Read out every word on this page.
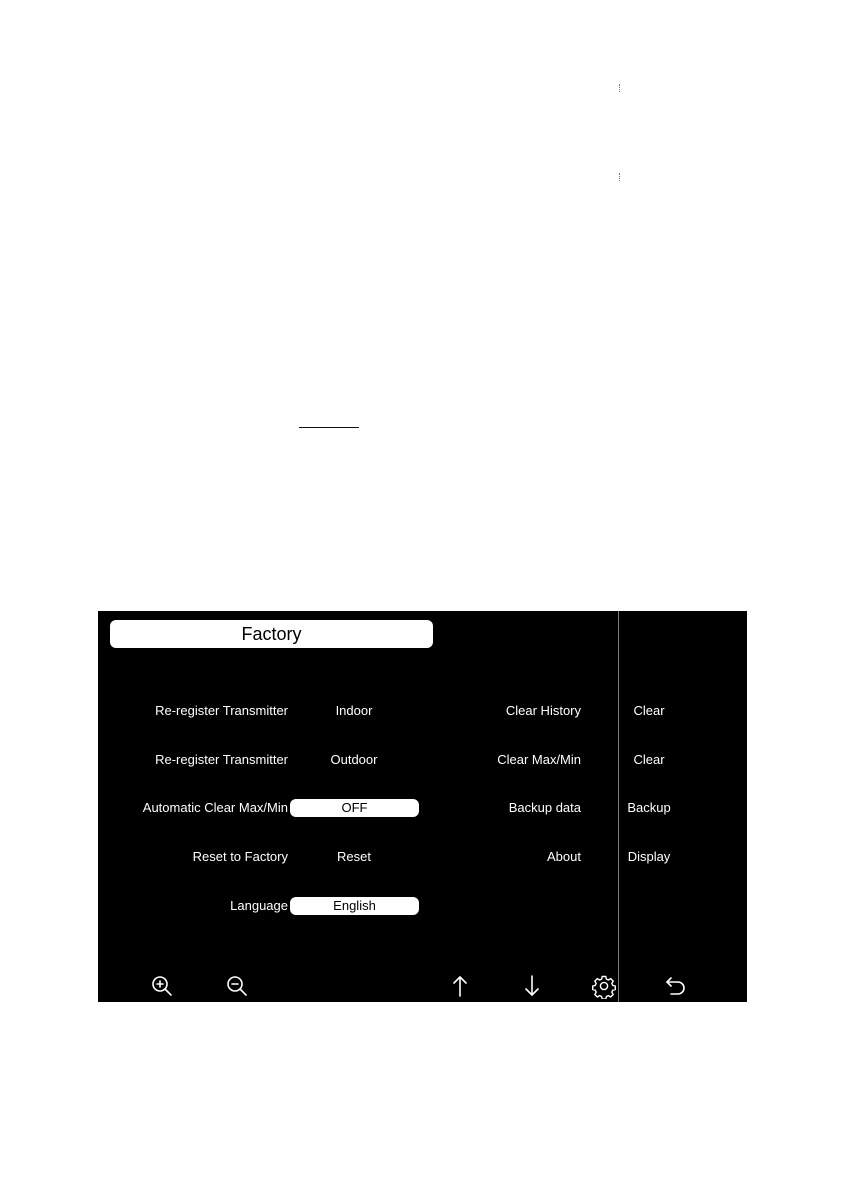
Factory
Re-register Transmitter	Indoor
Re-register Transmitter	Outdoor
Automatic Clear Max/Min	OFF
Reset to Factory	Reset
Language	English
Clear History	Clear
Clear Max/Min	Clear
Backup data	Backup
About	Display
